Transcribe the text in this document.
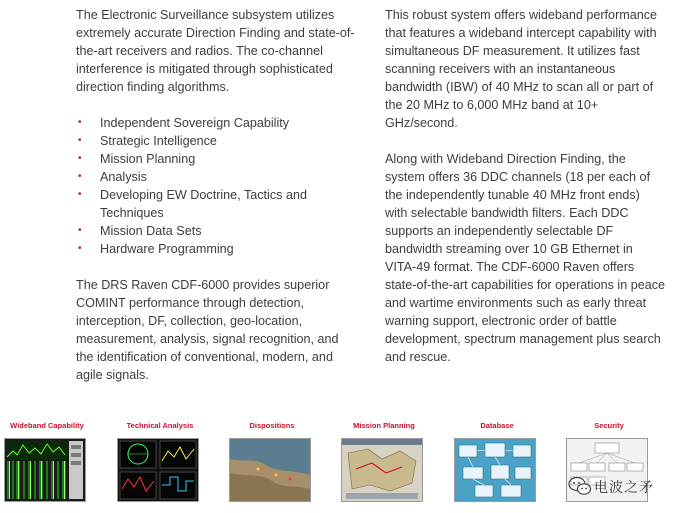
The Electronic Surveillance subsystem utilizes extremely accurate Direction Finding and state-of-the-art receivers and radios. The co-channel interference is mitigated through sophisticated direction finding algorithms.

• Independent Sovereign Capability
• Strategic Intelligence
• Mission Planning
• Analysis
• Developing EW Doctrine, Tactics and Techniques
• Mission Data Sets
• Hardware Programming

The DRS Raven CDF-6000 provides superior COMINT performance through detection, interception, DF, collection, geo-location, measurement, analysis, signal recognition, and the identification of conventional, modern, and agile signals.

This robust system offers wideband performance that features a wideband intercept capability with simultaneous DF measurement. It utilizes fast scanning receivers with an instantaneous bandwidth (IBW) of 40 MHz to scan all or part of the 20 MHz to 6,000 MHz band at 10+ GHz/second.

Along with Wideband Direction Finding, the system offers 36 DDC channels (18 per each of the independently tunable 40 MHz front ends) with selectable bandwidth filters. Each DDC supports an independently selectable DF bandwidth streaming over 10 GB Ethernet in VITA-49 format. The CDF-6000 Raven offers state-of-the-art capabilities for operations in peace and wartime environments such as early threat warning support, electronic order of battle development, spectrum management plus search and rescue.

Wideband Capability	Technical Analysis	Dispositions	Mission Planning	Database	Security
电波之矛
